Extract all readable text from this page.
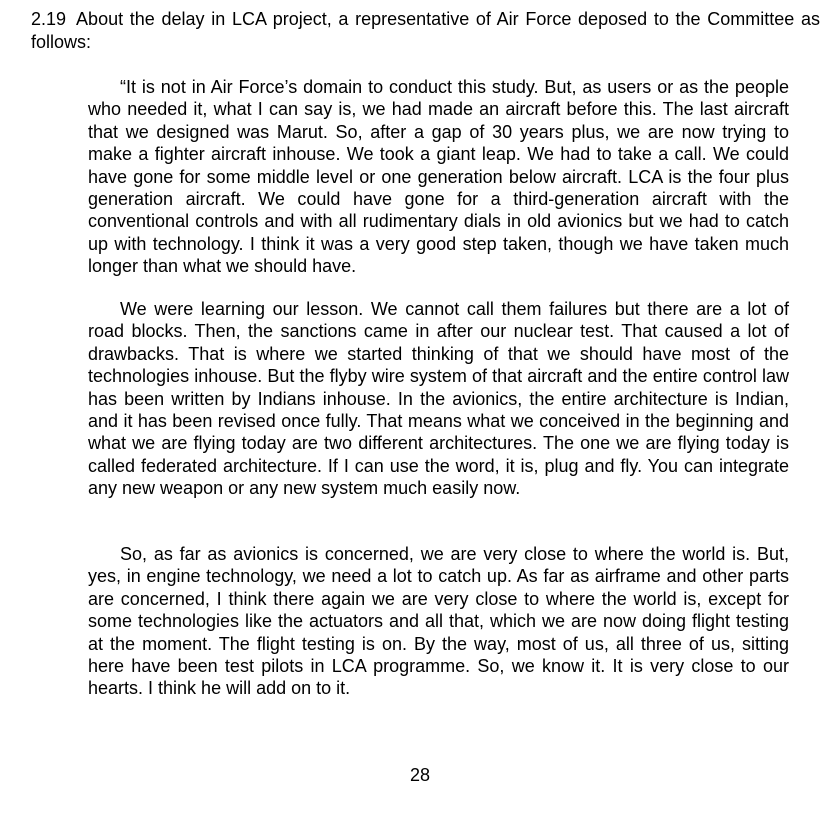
2.19 About the delay in LCA project, a representative of Air Force deposed to the Committee as follows:

“It is not in Air Force’s domain to conduct this study. But, as users or as the people who needed it, what I can say is, we had made an aircraft before this. The last aircraft that we designed was Marut. So, after a gap of 30 years plus, we are now trying to make a fighter aircraft inhouse. We took a giant leap. We had to take a call. We could have gone for some middle level or one generation below aircraft. LCA is the four plus generation aircraft. We could have gone for a third-generation aircraft with the conventional controls and with all rudimentary dials in old avionics but we had to catch up with technology. I think it was a very good step taken, though we have taken much longer than what we should have.

We were learning our lesson. We cannot call them failures but there are a lot of road blocks. Then, the sanctions came in after our nuclear test. That caused a lot of drawbacks. That is where we started thinking of that we should have most of the technologies inhouse. But the flyby wire system of that aircraft and the entire control law has been written by Indians inhouse. In the avionics, the entire architecture is Indian, and it has been revised once fully. That means what we conceived in the beginning and what we are flying today are two different architectures. The one we are flying today is called federated architecture. If I can use the word, it is, plug and fly. You can integrate any new weapon or any new system much easily now.

So, as far as avionics is concerned, we are very close to where the world is. But, yes, in engine technology, we need a lot to catch up. As far as airframe and other parts are concerned, I think there again we are very close to where the world is, except for some technologies like the actuators and all that, which we are now doing flight testing at the moment. The flight testing is on. By the way, most of us, all three of us, sitting here have been test pilots in LCA programme. So, we know it. It is very close to our hearts. I think he will add on to it.

28
